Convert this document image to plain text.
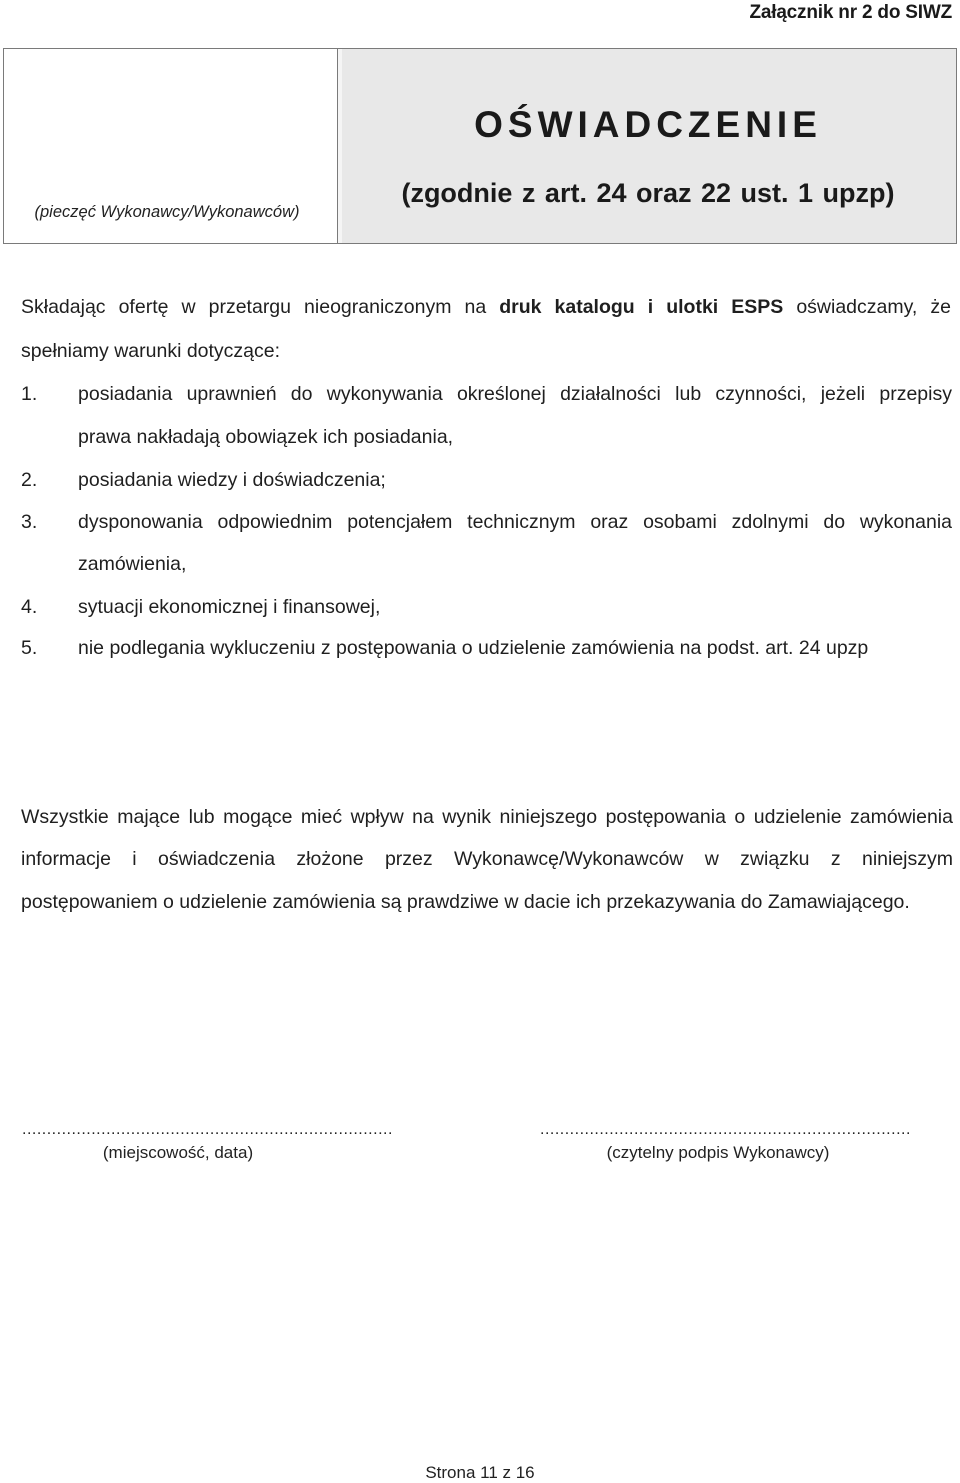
Załącznik nr 2 do SIWZ
(pieczęć Wykonawcy/Wykonawców)
OŚWIADCZENIE
(zgodnie z art. 24 oraz 22 ust. 1 upzp)
Składając ofertę w przetargu nieograniczonym na druk katalogu i ulotki ESPS oświadczamy, że
spełniamy warunki dotyczące:
1. posiadania uprawnień do wykonywania określonej działalności lub czynności, jeżeli przepisy
prawa nakładają obowiązek ich posiadania,
2. posiadania wiedzy i doświadczenia;
3. dysponowania odpowiednim potencjałem technicznym oraz osobami zdolnymi do wykonania
zamówienia,
4. sytuacji ekonomicznej i finansowej,
5. nie podlegania wykluczeniu z postępowania o udzielenie zamówienia na podst. art. 24 upzp
Wszystkie mające lub mogące mieć wpływ na wynik niniejszego postępowania o udzielenie zamówienia
informacje i oświadczenia złożone przez Wykonawcę/Wykonawców w związku z niniejszym
postępowaniem o udzielenie zamówienia są prawdziwe w dacie ich przekazywania do Zamawiającego.
...........................................................................
(miejscowość, data)
...........................................................................
(czytelny podpis Wykonawcy)
Strona 11 z 16
